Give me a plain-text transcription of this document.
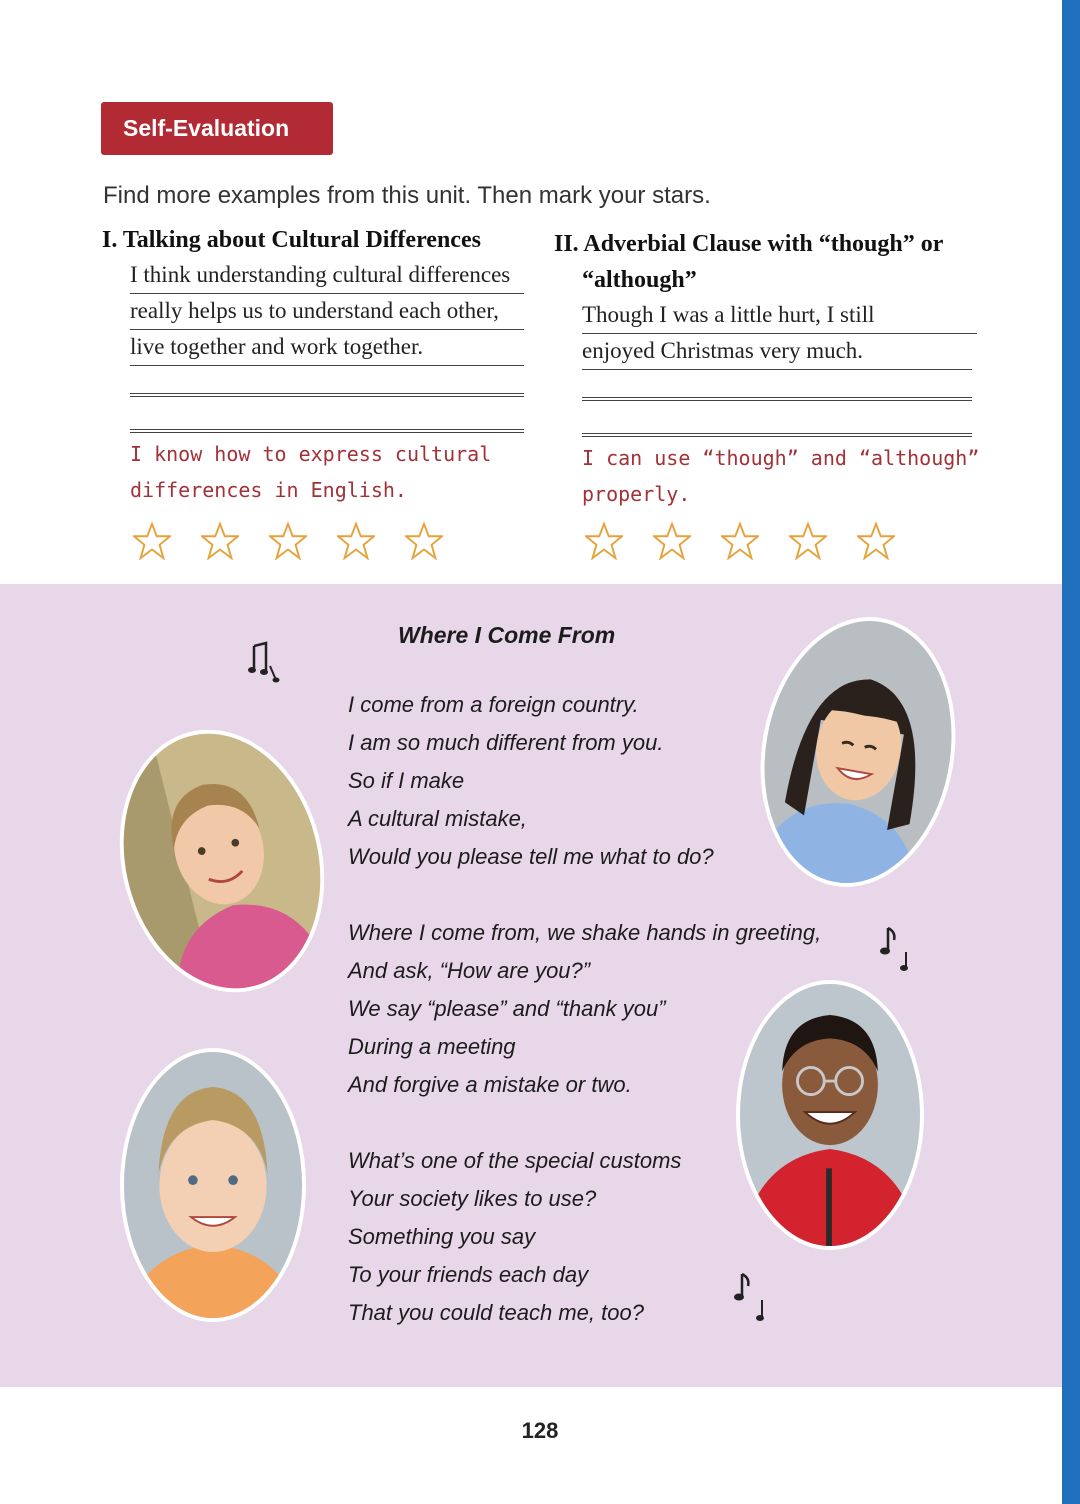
Self-Evaluation
Find more examples from this unit. Then mark your stars.
I. Talking about Cultural Differences
I think understanding cultural differences
really helps us to understand each other,
live together and work together.
I know how to express cultural
differences in English.
II. Adverbial Clause with “though” or
“although”
Though I was a little hurt, I still
enjoyed Christmas very much.
I can use “though” and “although”
properly.
Where I Come From
I come from a foreign country.
I am so much different from you.
So if I make
A cultural mistake,
Would you please tell me what to do?
Where I come from, we shake hands in greeting,
And ask, “How are you?”
We say “please” and “thank you”
During a meeting
And forgive a mistake or two.
What’s one of the special customs
Your society likes to use?
Something you say
To your friends each day
That you could teach me, too?
128
